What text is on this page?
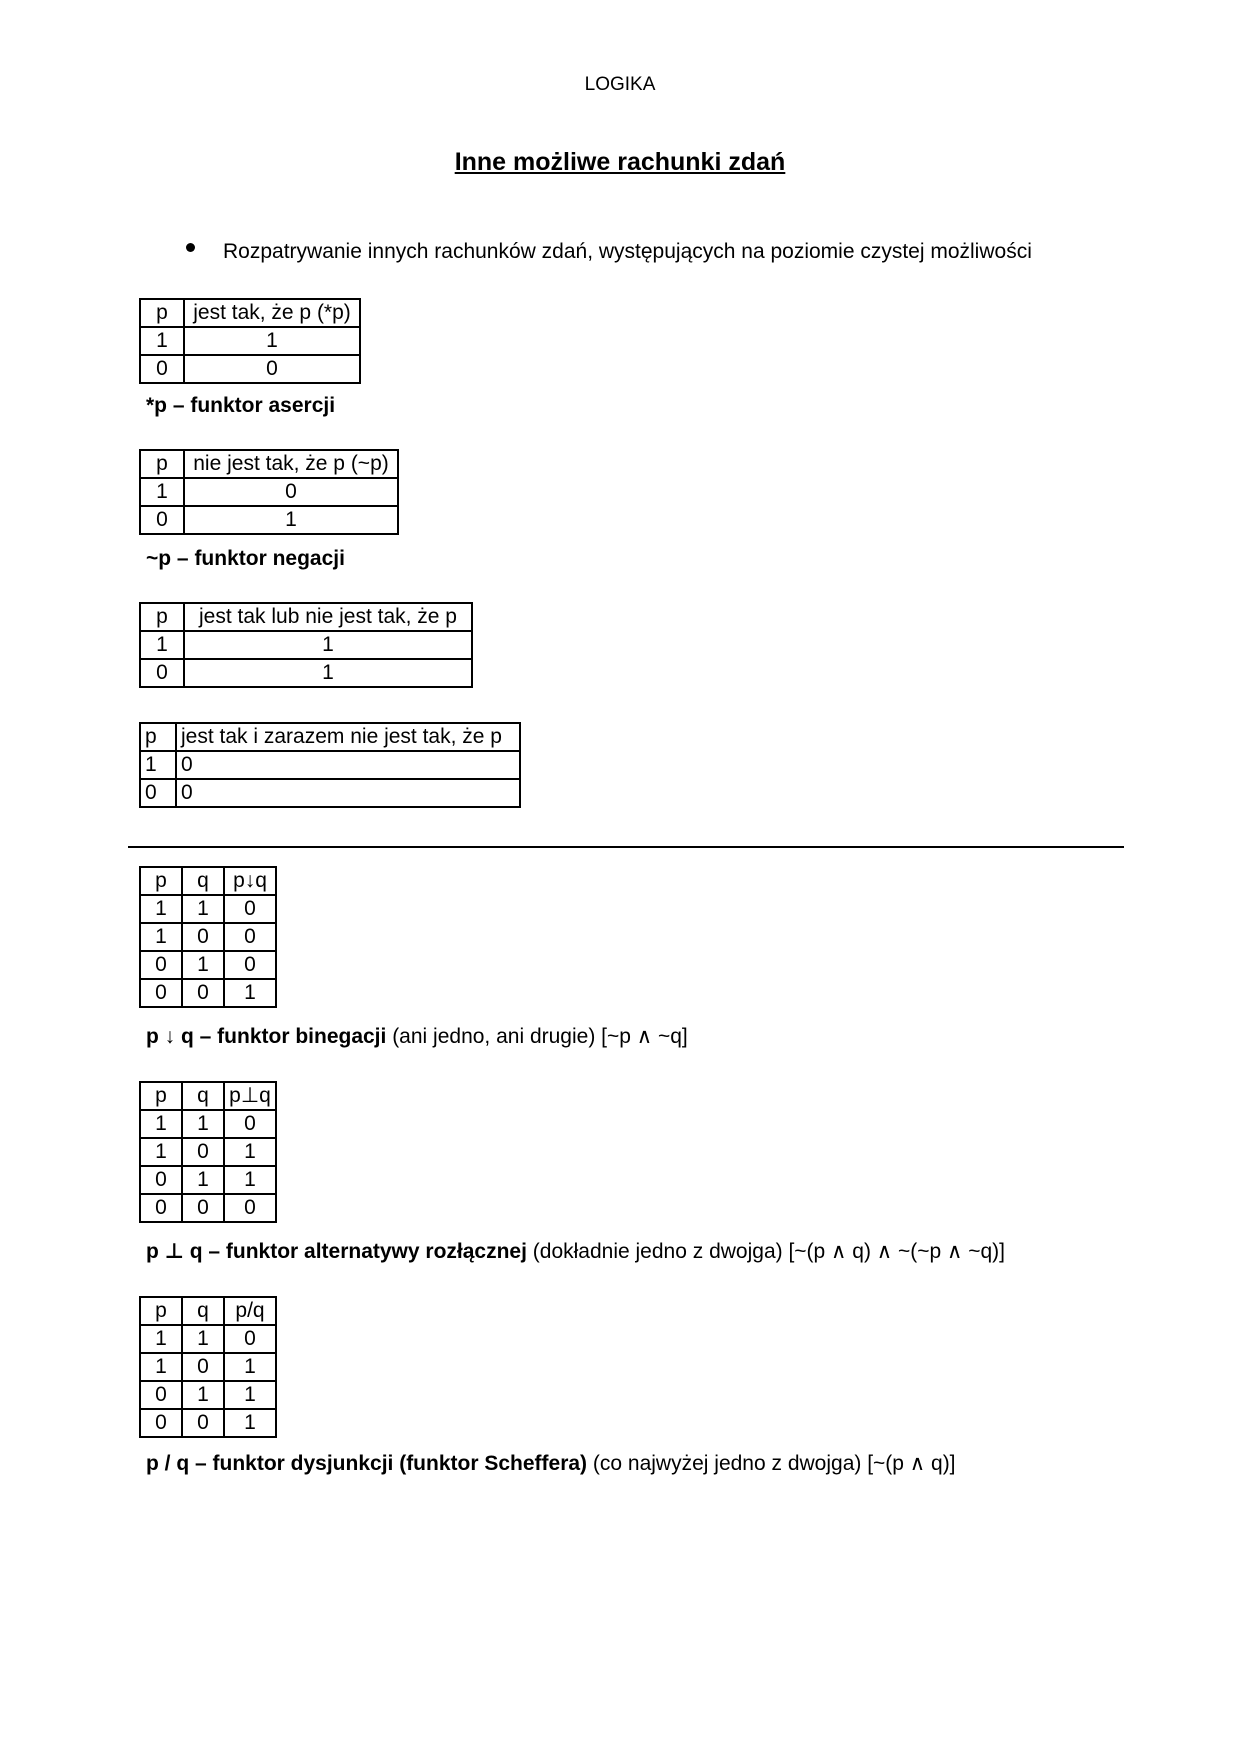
LOGIKA
Inne możliwe rachunki zdań
Rozpatrywanie innych rachunków zdań, występujących na poziomie czystej możliwości
p	jest tak, że p (*p)
1	1
0	0
*p – funktor asercji
p	nie jest tak, że p (~p)
1	0
0	1
~p – funktor negacji
p	jest tak lub nie jest tak, że p
1	1
0	1
p	jest tak i zarazem nie jest tak, że p
1	0
0	0
p	q	p↓q
1	1	0
1	0	0
0	1	0
0	0	1
p ↓ q – funktor binegacji (ani jedno, ani drugie) [~p ∧ ~q]
p	q	p⊥q
1	1	0
1	0	1
0	1	1
0	0	0
p ⊥ q – funktor alternatywy rozłącznej (dokładnie jedno z dwojga) [~(p ∧ q) ∧ ~(~p ∧ ~q)]
p	q	p/q
1	1	0
1	0	1
0	1	1
0	0	1
p / q – funktor dysjunkcji (funktor Scheffera) (co najwyżej jedno z dwojga) [~(p ∧ q)]
